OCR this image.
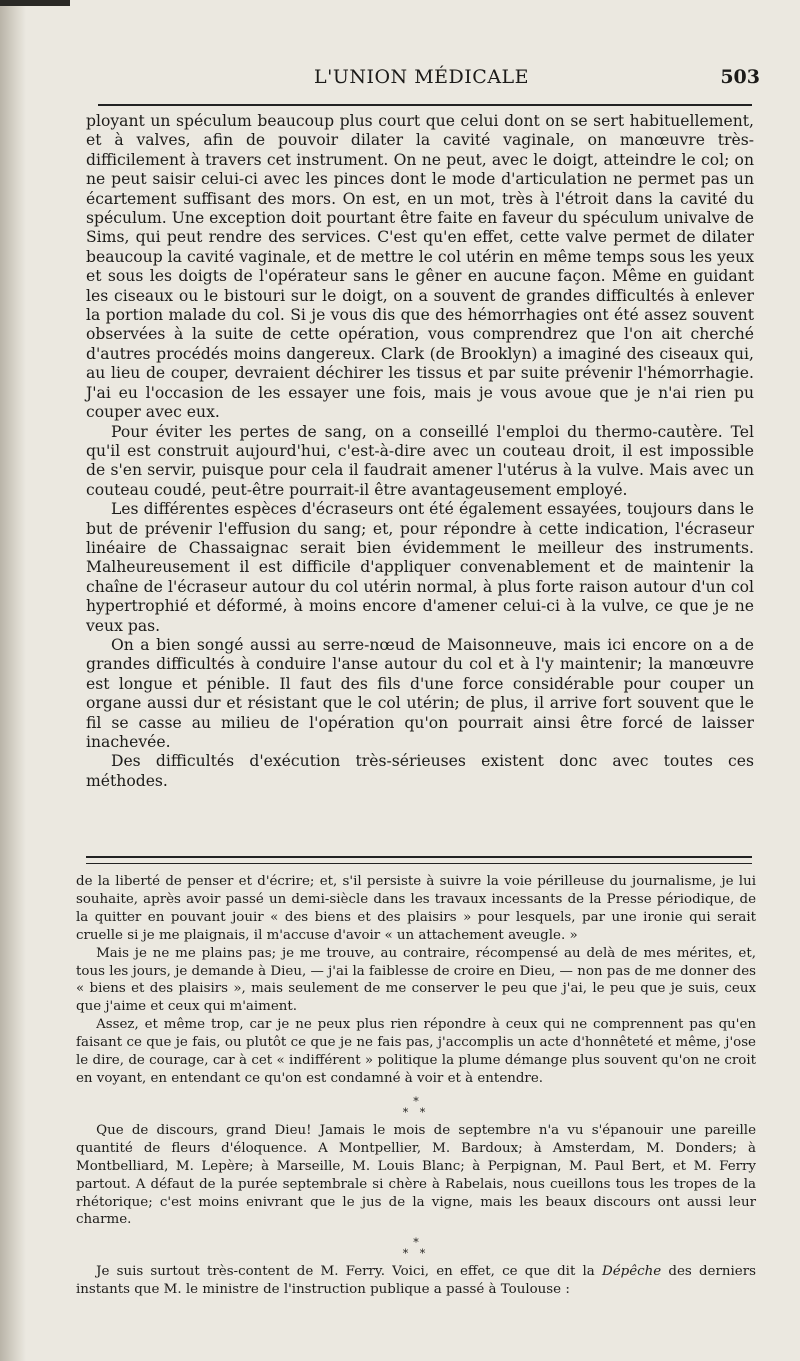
L'UNION MÉDICALE	503

ployant un spéculum beaucoup plus court que celui dont on se sert habituellement, et à valves, afin de pouvoir dilater la cavité vaginale, on manœuvre très-difficilement à travers cet instrument. On ne peut, avec le doigt, atteindre le col; on ne peut saisir celui-ci avec les pinces dont le mode d'articulation ne permet pas un écartement suffisant des mors. On est, en un mot, très à l'étroit dans la cavité du spéculum. Une exception doit pourtant être faite en faveur du spéculum univalve de Sims, qui peut rendre des services. C'est qu'en effet, cette valve permet de dilater beaucoup la cavité vaginale, et de mettre le col utérin en même temps sous les yeux et sous les doigts de l'opérateur sans le gêner en aucune façon. Même en guidant les ciseaux ou le bistouri sur le doigt, on a souvent de grandes difficultés à enlever la portion malade du col. Si je vous dis que des hémorrhagies ont été assez souvent observées à la suite de cette opération, vous comprendrez que l'on ait cherché d'autres procédés moins dangereux. Clark (de Brooklyn) a imaginé des ciseaux qui, au lieu de couper, devraient déchirer les tissus et par suite prévenir l'hémorrhagie. J'ai eu l'occasion de les essayer une fois, mais je vous avoue que je n'ai rien pu couper avec eux.

Pour éviter les pertes de sang, on a conseillé l'emploi du thermo-cautère. Tel qu'il est construit aujourd'hui, c'est-à-dire avec un couteau droit, il est impossible de s'en servir, puisque pour cela il faudrait amener l'utérus à la vulve. Mais avec un couteau coudé, peut-être pourrait-il être avantageusement employé.

Les différentes espèces d'écraseurs ont été également essayées, toujours dans le but de prévenir l'effusion du sang; et, pour répondre à cette indication, l'écraseur linéaire de Chassaignac serait bien évidemment le meilleur des instruments. Malheureusement il est difficile d'appliquer convenablement et de maintenir la chaîne de l'écraseur autour du col utérin normal, à plus forte raison autour d'un col hypertrophié et déformé, à moins encore d'amener celui-ci à la vulve, ce que je ne veux pas.

On a bien songé aussi au serre-nœud de Maisonneuve, mais ici encore on a de grandes difficultés à conduire l'anse autour du col et à l'y maintenir; la manœuvre est longue et pénible. Il faut des fils d'une force considérable pour couper un organe aussi dur et résistant que le col utérin; de plus, il arrive fort souvent que le fil se casse au milieu de l'opération qu'on pourrait ainsi être forcé de laisser inachevée.

Des difficultés d'exécution très-sérieuses existent donc avec toutes ces méthodes.

de la liberté de penser et d'écrire; et, s'il persiste à suivre la voie périlleuse du journalisme, je lui souhaite, après avoir passé un demi-siècle dans les travaux incessants de la Presse périodique, de la quitter en pouvant jouir « des biens et des plaisirs » pour lesquels, par une ironie qui serait cruelle si je me plaignais, il m'accuse d'avoir « un attachement aveugle. »

Mais je ne me plains pas; je me trouve, au contraire, récompensé au delà de mes mérites, et, tous les jours, je demande à Dieu, — j'ai la faiblesse de croire en Dieu, — non pas de me donner des « biens et des plaisirs », mais seulement de me conserver le peu que j'ai, le peu que je suis, ceux que j'aime et ceux qui m'aiment.

Assez, et même trop, car je ne peux plus rien répondre à ceux qui ne comprennent pas qu'en faisant ce que je fais, ou plutôt ce que je ne fais pas, j'accomplis un acte d'honnêteté et même, j'ose le dire, de courage, car à cet « indifférent » politique la plume démange plus souvent qu'on ne croit en voyant, en entendant ce qu'on est condamné à voir et à entendre.

*
* *

Que de discours, grand Dieu! Jamais le mois de septembre n'a vu s'épanouir une pareille quantité de fleurs d'éloquence. A Montpellier, M. Bardoux; à Amsterdam, M. Donders; à Montbelliard, M. Lepère; à Marseille, M. Louis Blanc; à Perpignan, M. Paul Bert, et M. Ferry partout. A défaut de la purée septembrale si chère à Rabelais, nous cueillons tous les tropes de la rhétorique; c'est moins enivrant que le jus de la vigne, mais les beaux discours ont aussi leur charme.

*
* *

Je suis surtout très-content de M. Ferry. Voici, en effet, ce que dit la Dépêche des derniers instants que M. le ministre de l'instruction publique a passé à Toulouse :
